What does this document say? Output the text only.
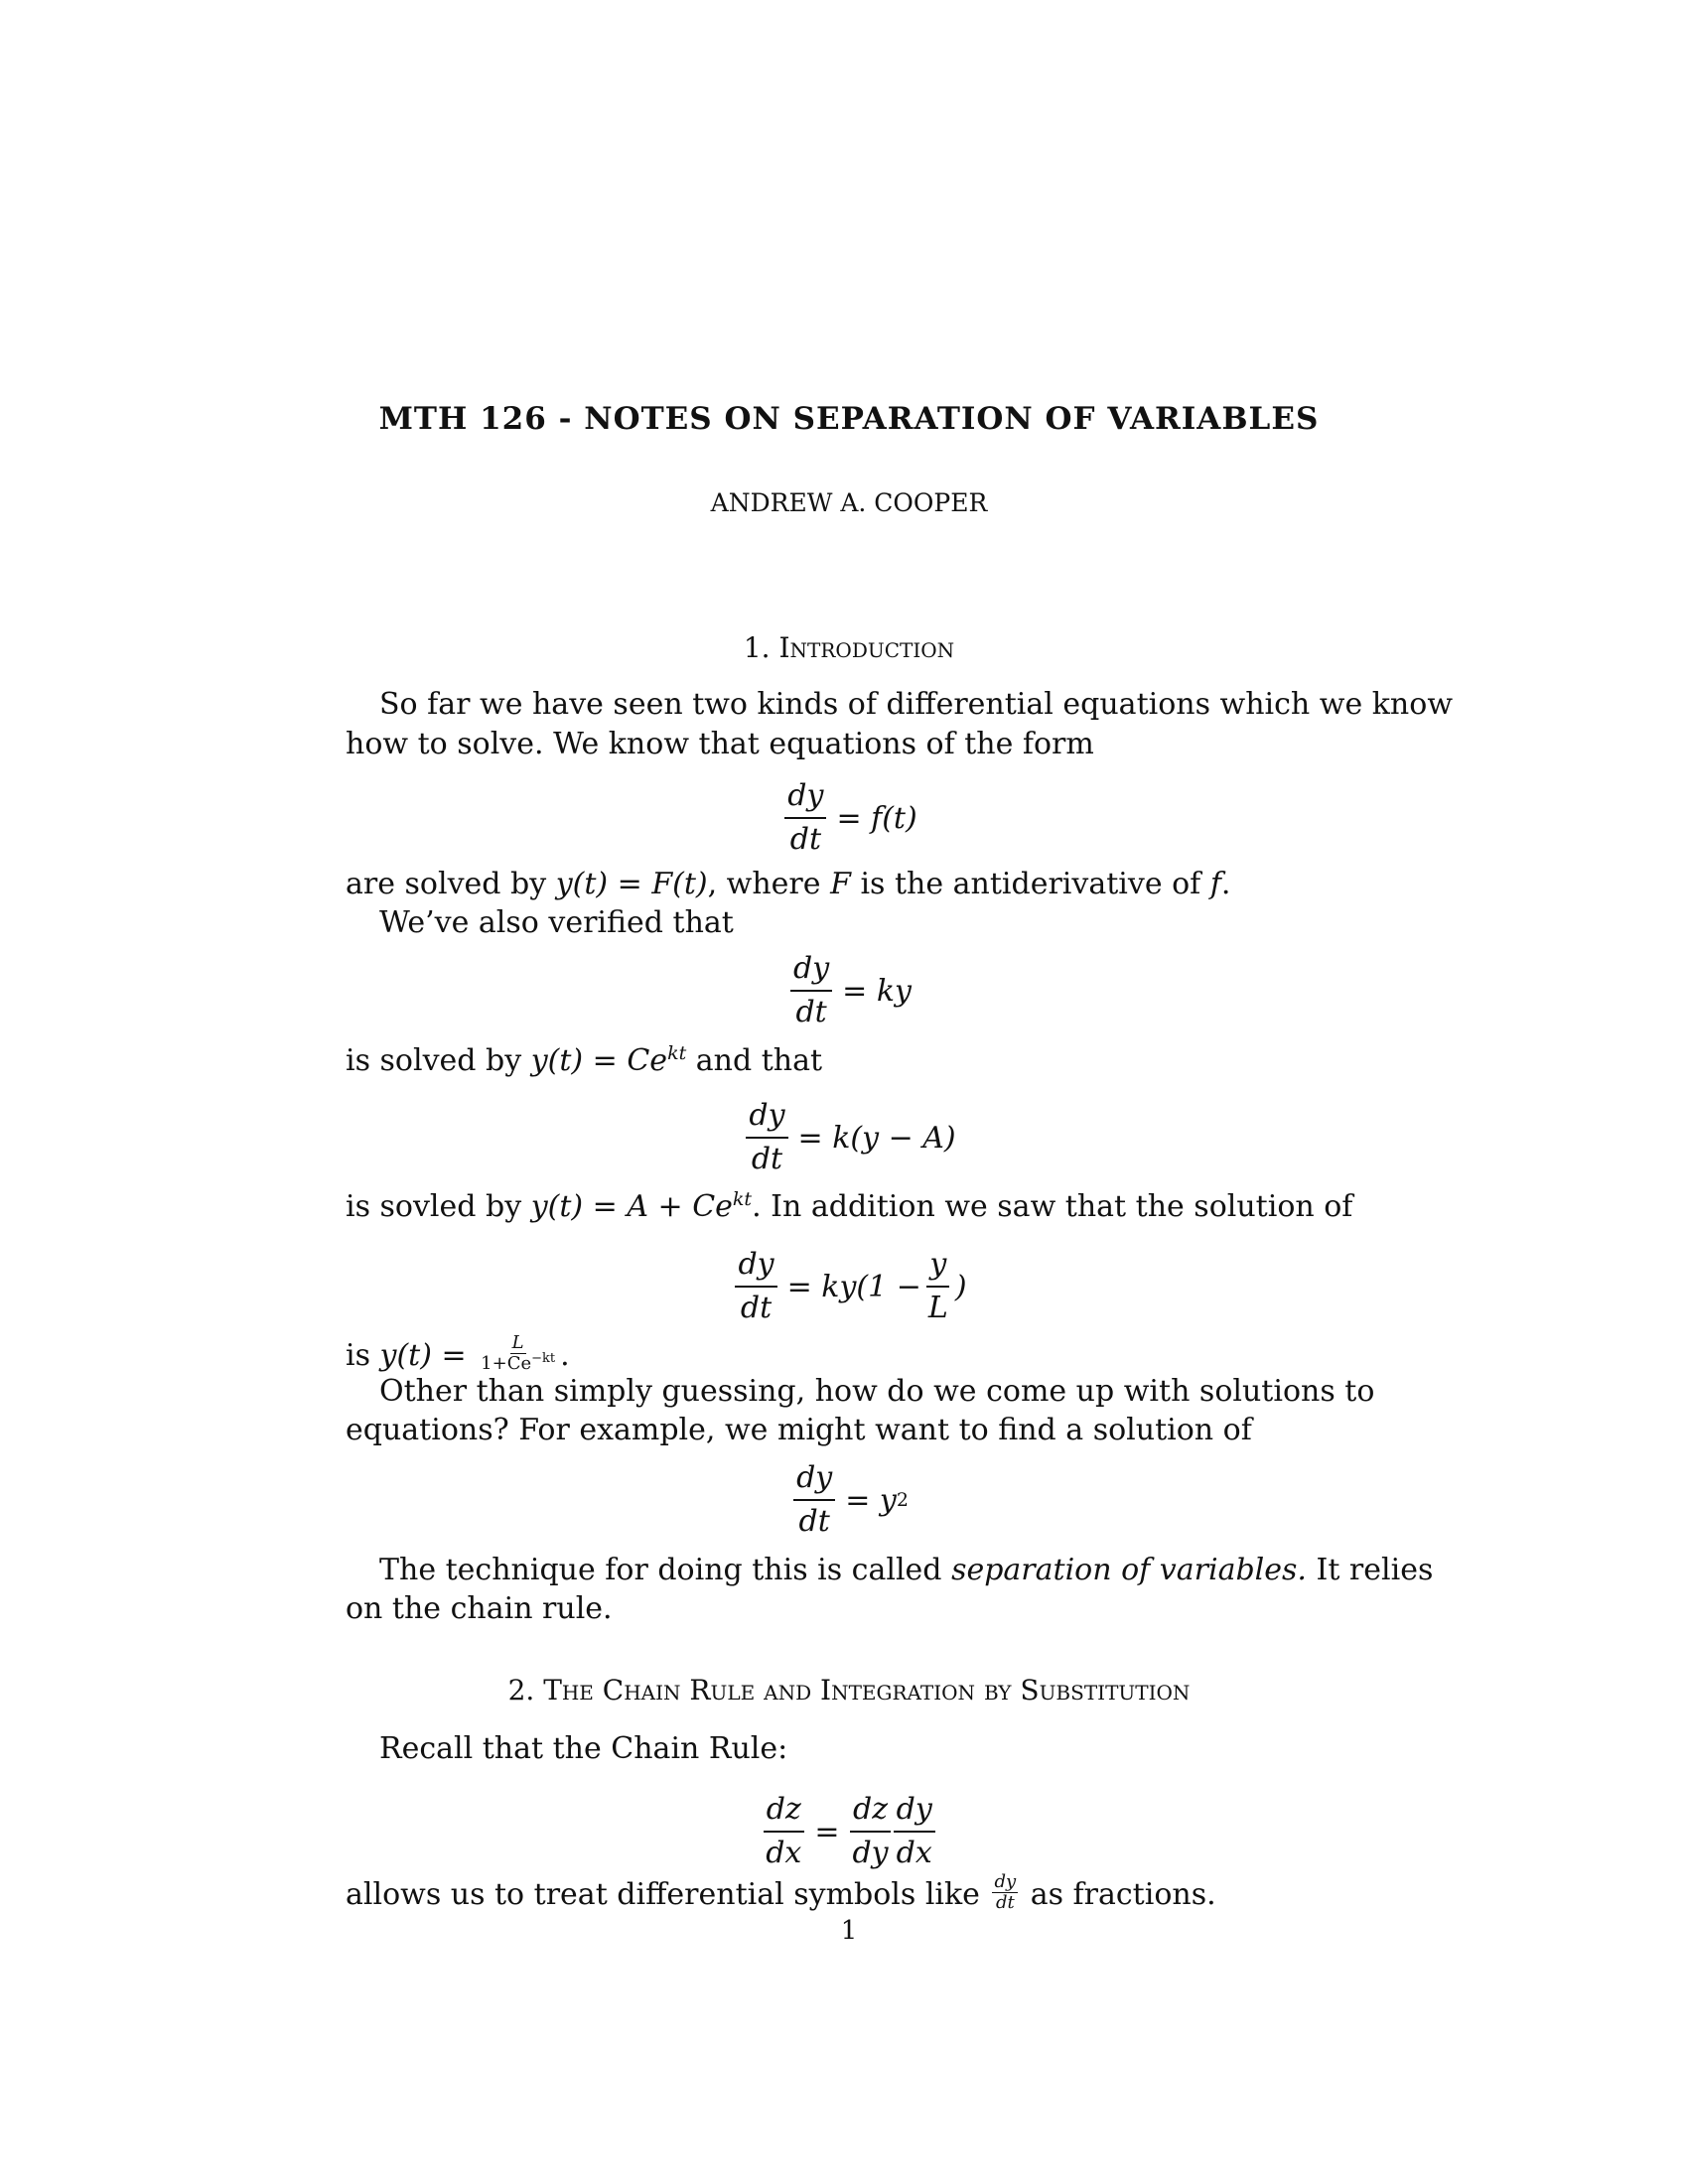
MTH 126 - NOTES ON SEPARATION OF VARIABLES
ANDREW A. COOPER
1. Introduction
So far we have seen two kinds of differential equations which we know
how to solve. We know that equations of the form
$\frac{dy}{dt} = f(t)$
are solved by y(t) = F(t), where F is the antiderivative of f.
We’ve also verified that
$\frac{dy}{dt}$ = ky
is solved by $y(t) = Ce^{kt}$ and that
$\frac{dy}{dt} = k(y - A)$
is sovled by $y(t) = A + Ce^{kt}$. In addition we saw that the solution of
$\frac{dy}{dt} = ky(1 - \frac{y}{L}$ )
is $y(t) = \frac{L}{1+Ce^{-kt}}$ .
Other than simply guessing, how do we come up with solutions to
equations? For example, we might want to find a solution of
$\frac{dy}{dt} = y$ 2
The technique for doing this is called separation of variables. It relies
on the chain rule.
2. The Chain Rule and Integration by Substitution
Recall that the Chain Rule:
$\frac{dz}{dx} = \frac{dz}{dy} \frac{dy}{dx}$
allows us to treat differential symbols like $\frac{dy}{dt}$ as fractions.
1
